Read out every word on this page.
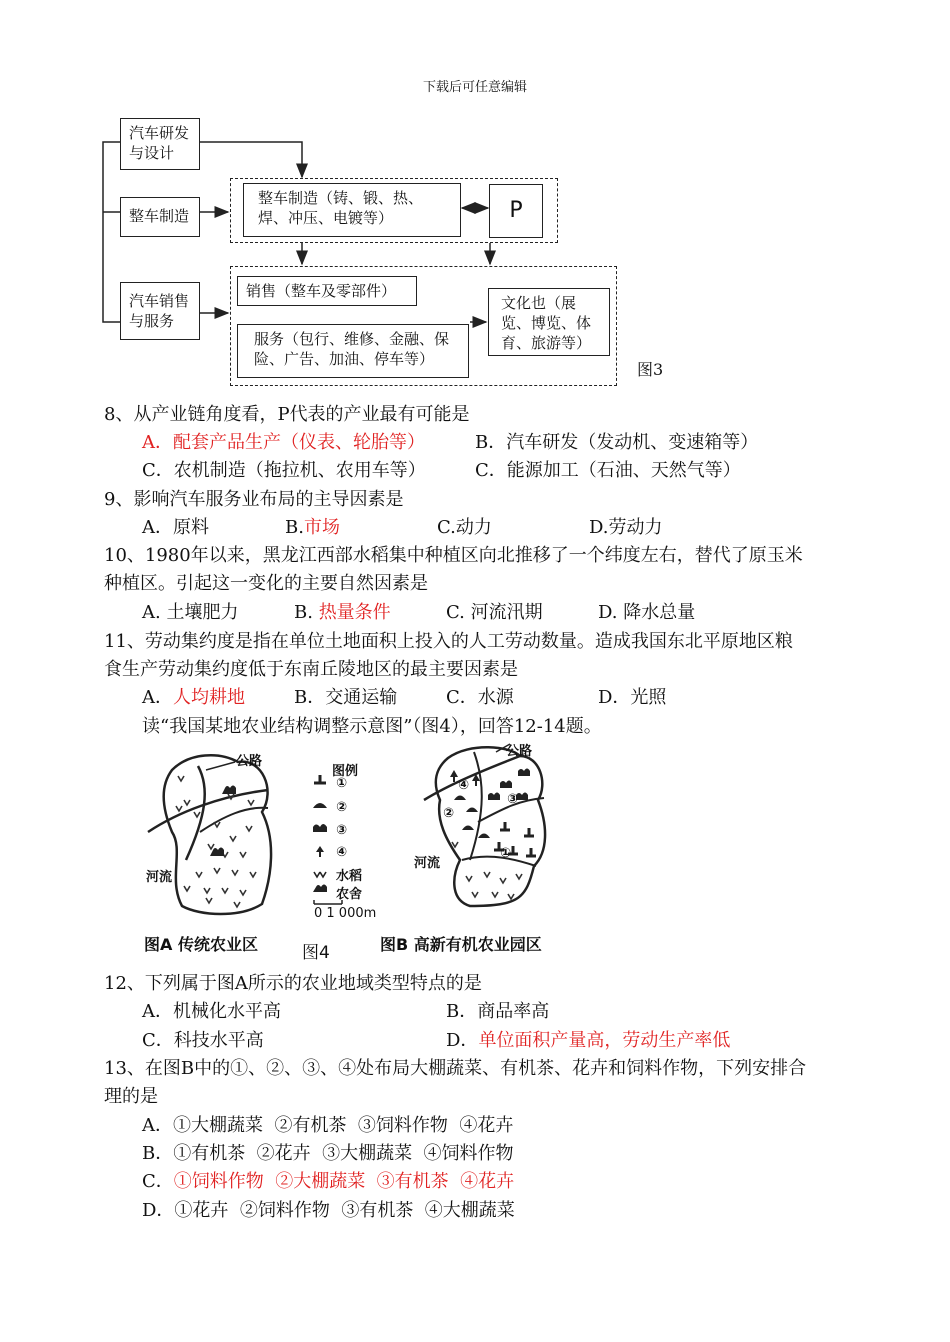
下载后可任意编辑
汽车研发
与设计
整车制造
汽车销售
与服务
整车制造（铸、锻、热、焊、冲压、电镀等）	P
销售（整车及零部件）
服务（包行、维修、金融、保险、广告、加油、停车等）
文化也（展览、博览、体育、旅游等）
图3
8、从产业链角度看，P代表的产业最有可能是
A．配套产品生产（仪表、轮胎等）	B．汽车研发（发动机、变速箱等）
C．农机制造（拖拉机、农用车等）	C．能源加工（石油、天然气等）
9、影响汽车服务业布局的主导因素是
A．原料	B.市场	C.动力	D.劳动力
10、1980年以来，黑龙江西部水稻集中种植区向北推移了一个纬度左右，替代了原玉米
种植区。引起这一变化的主要自然因素是
A. 土壤肥力	B. 热量条件	C. 河流汛期	D. 降水总量
11、劳动集约度是指在单位土地面积上投入的人工劳动数量。造成我国东北平原地区粮
食生产劳动集约度低于东南丘陵地区的最主要因素是
A．人均耕地	B．交通运输	C．水源	D．光照
读“我国某地农业结构调整示意图”（图4），回答12-14题。
公路
河流
图A 传统农业区
图例
①
②
③
④
水稻
农舍
0 1 000m
图4
公路
河流
④
②
③
①
图B 高新有机农业园区
12、下列属于图A所示的农业地域类型特点的是
A．机械化水平高	B．商品率高
C．科技水平高	D．单位面积产量高，劳动生产率低
13、在图B中的①、②、③、④处布局大棚蔬菜、有机茶、花卉和饲料作物，下列安排合
理的是
A．①大棚蔬菜  ②有机茶  ③饲料作物  ④花卉
B．①有机茶  ②花卉  ③大棚蔬菜  ④饲料作物
C．①饲料作物  ②大棚蔬菜  ③有机茶  ④花卉
D．①花卉  ②饲料作物  ③有机茶  ④大棚蔬菜
